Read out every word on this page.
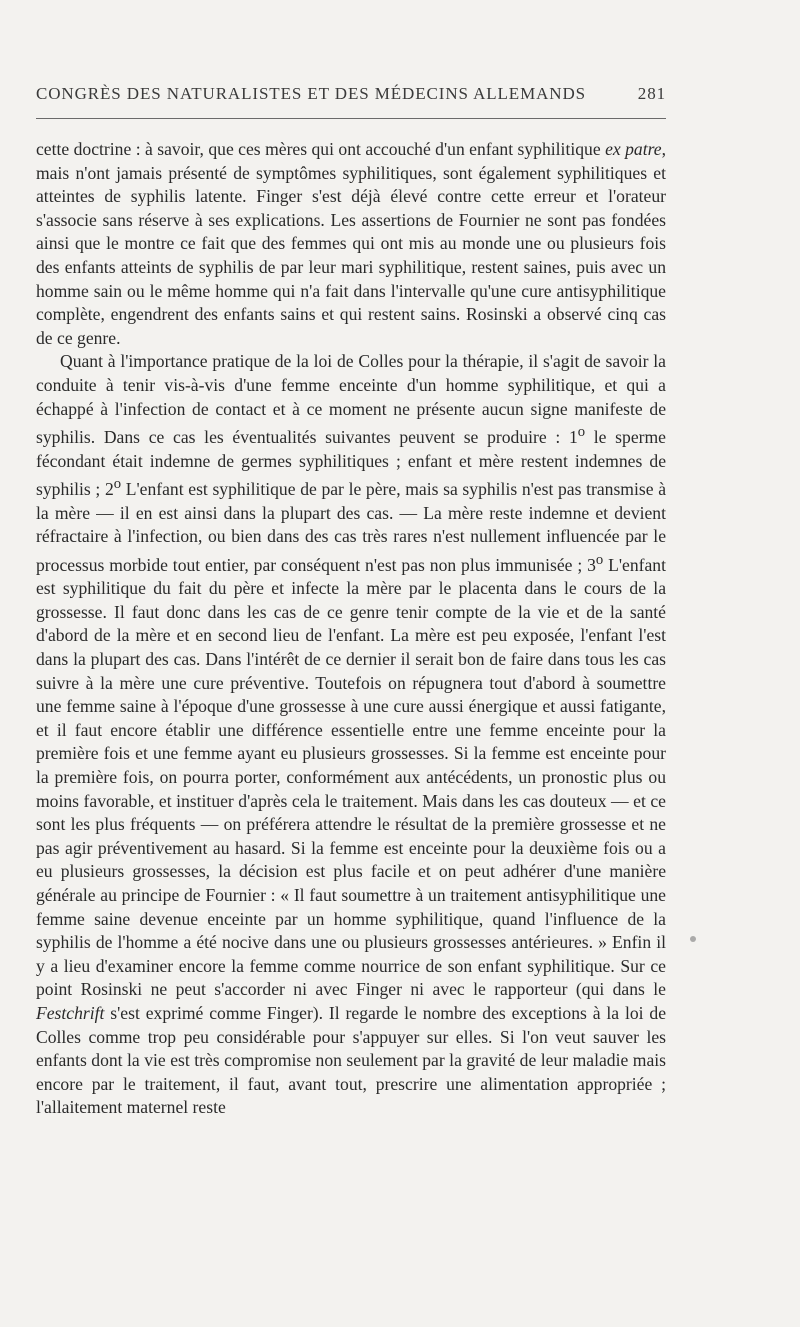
CONGRÈS DES NATURALISTES ET DES MÉDECINS ALLEMANDS	281

cette doctrine : à savoir, que ces mères qui ont accouché d'un enfant syphilitique ex patre, mais n'ont jamais présenté de symptômes syphilitiques, sont également syphilitiques et atteintes de syphilis latente. Finger s'est déjà élevé contre cette erreur et l'orateur s'associe sans réserve à ses explications. Les assertions de Fournier ne sont pas fondées ainsi que le montre ce fait que des femmes qui ont mis au monde une ou plusieurs fois des enfants atteints de syphilis de par leur mari syphilitique, restent saines, puis avec un homme sain ou le même homme qui n'a fait dans l'intervalle qu'une cure antisyphilitique complète, engendrent des enfants sains et qui restent sains. Rosinski a observé cinq cas de ce genre.

Quant à l'importance pratique de la loi de Colles pour la thérapie, il s'agit de savoir la conduite à tenir vis-à-vis d'une femme enceinte d'un homme syphilitique, et qui a échappé à l'infection de contact et à ce moment ne présente aucun signe manifeste de syphilis. Dans ce cas les éventualités suivantes peuvent se produire : 1$^o$ le sperme fécondant était indemne de germes syphilitiques ; enfant et mère restent indemnes de syphilis ; 2$^o$ L'enfant est syphilitique de par le père, mais sa syphilis n'est pas transmise à la mère — il en est ainsi dans la plupart des cas. — La mère reste indemne et devient réfractaire à l'infection, ou bien dans des cas très rares n'est nullement influencée par le processus morbide tout entier, par conséquent n'est pas non plus immunisée ; 3$^o$ L'enfant est syphilitique du fait du père et infecte la mère par le placenta dans le cours de la grossesse. Il faut donc dans les cas de ce genre tenir compte de la vie et de la santé d'abord de la mère et en second lieu de l'enfant. La mère est peu exposée, l'enfant l'est dans la plupart des cas. Dans l'intérêt de ce dernier il serait bon de faire dans tous les cas suivre à la mère une cure préventive. Toutefois on répugnera tout d'abord à soumettre une femme saine à l'époque d'une grossesse à une cure aussi énergique et aussi fatigante, et il faut encore établir une différence essentielle entre une femme enceinte pour la première fois et une femme ayant eu plusieurs grossesses. Si la femme est enceinte pour la première fois, on pourra porter, conformément aux antécédents, un pronostic plus ou moins favorable, et instituer d'après cela le traitement. Mais dans les cas douteux — et ce sont les plus fréquents — on préférera attendre le résultat de la première grossesse et ne pas agir préventivement au hasard. Si la femme est enceinte pour la deuxième fois ou a eu plusieurs grossesses, la décision est plus facile et on peut adhérer d'une manière générale au principe de Fournier : « Il faut soumettre à un traitement antisyphilitique une femme saine devenue enceinte par un homme syphilitique, quand l'influence de la syphilis de l'homme a été nocive dans une ou plusieurs grossesses antérieures. » Enfin il y a lieu d'examiner encore la femme comme nourrice de son enfant syphilitique. Sur ce point Rosinski ne peut s'accorder ni avec Finger ni avec le rapporteur (qui dans le Festchrift s'est exprimé comme Finger). Il regarde le nombre des exceptions à la loi de Colles comme trop peu considérable pour s'appuyer sur elles. Si l'on veut sauver les enfants dont la vie est très compromise non seulement par la gravité de leur maladie mais encore par le traitement, il faut, avant tout, prescrire une alimentation appropriée ; l'allaitement maternel reste
